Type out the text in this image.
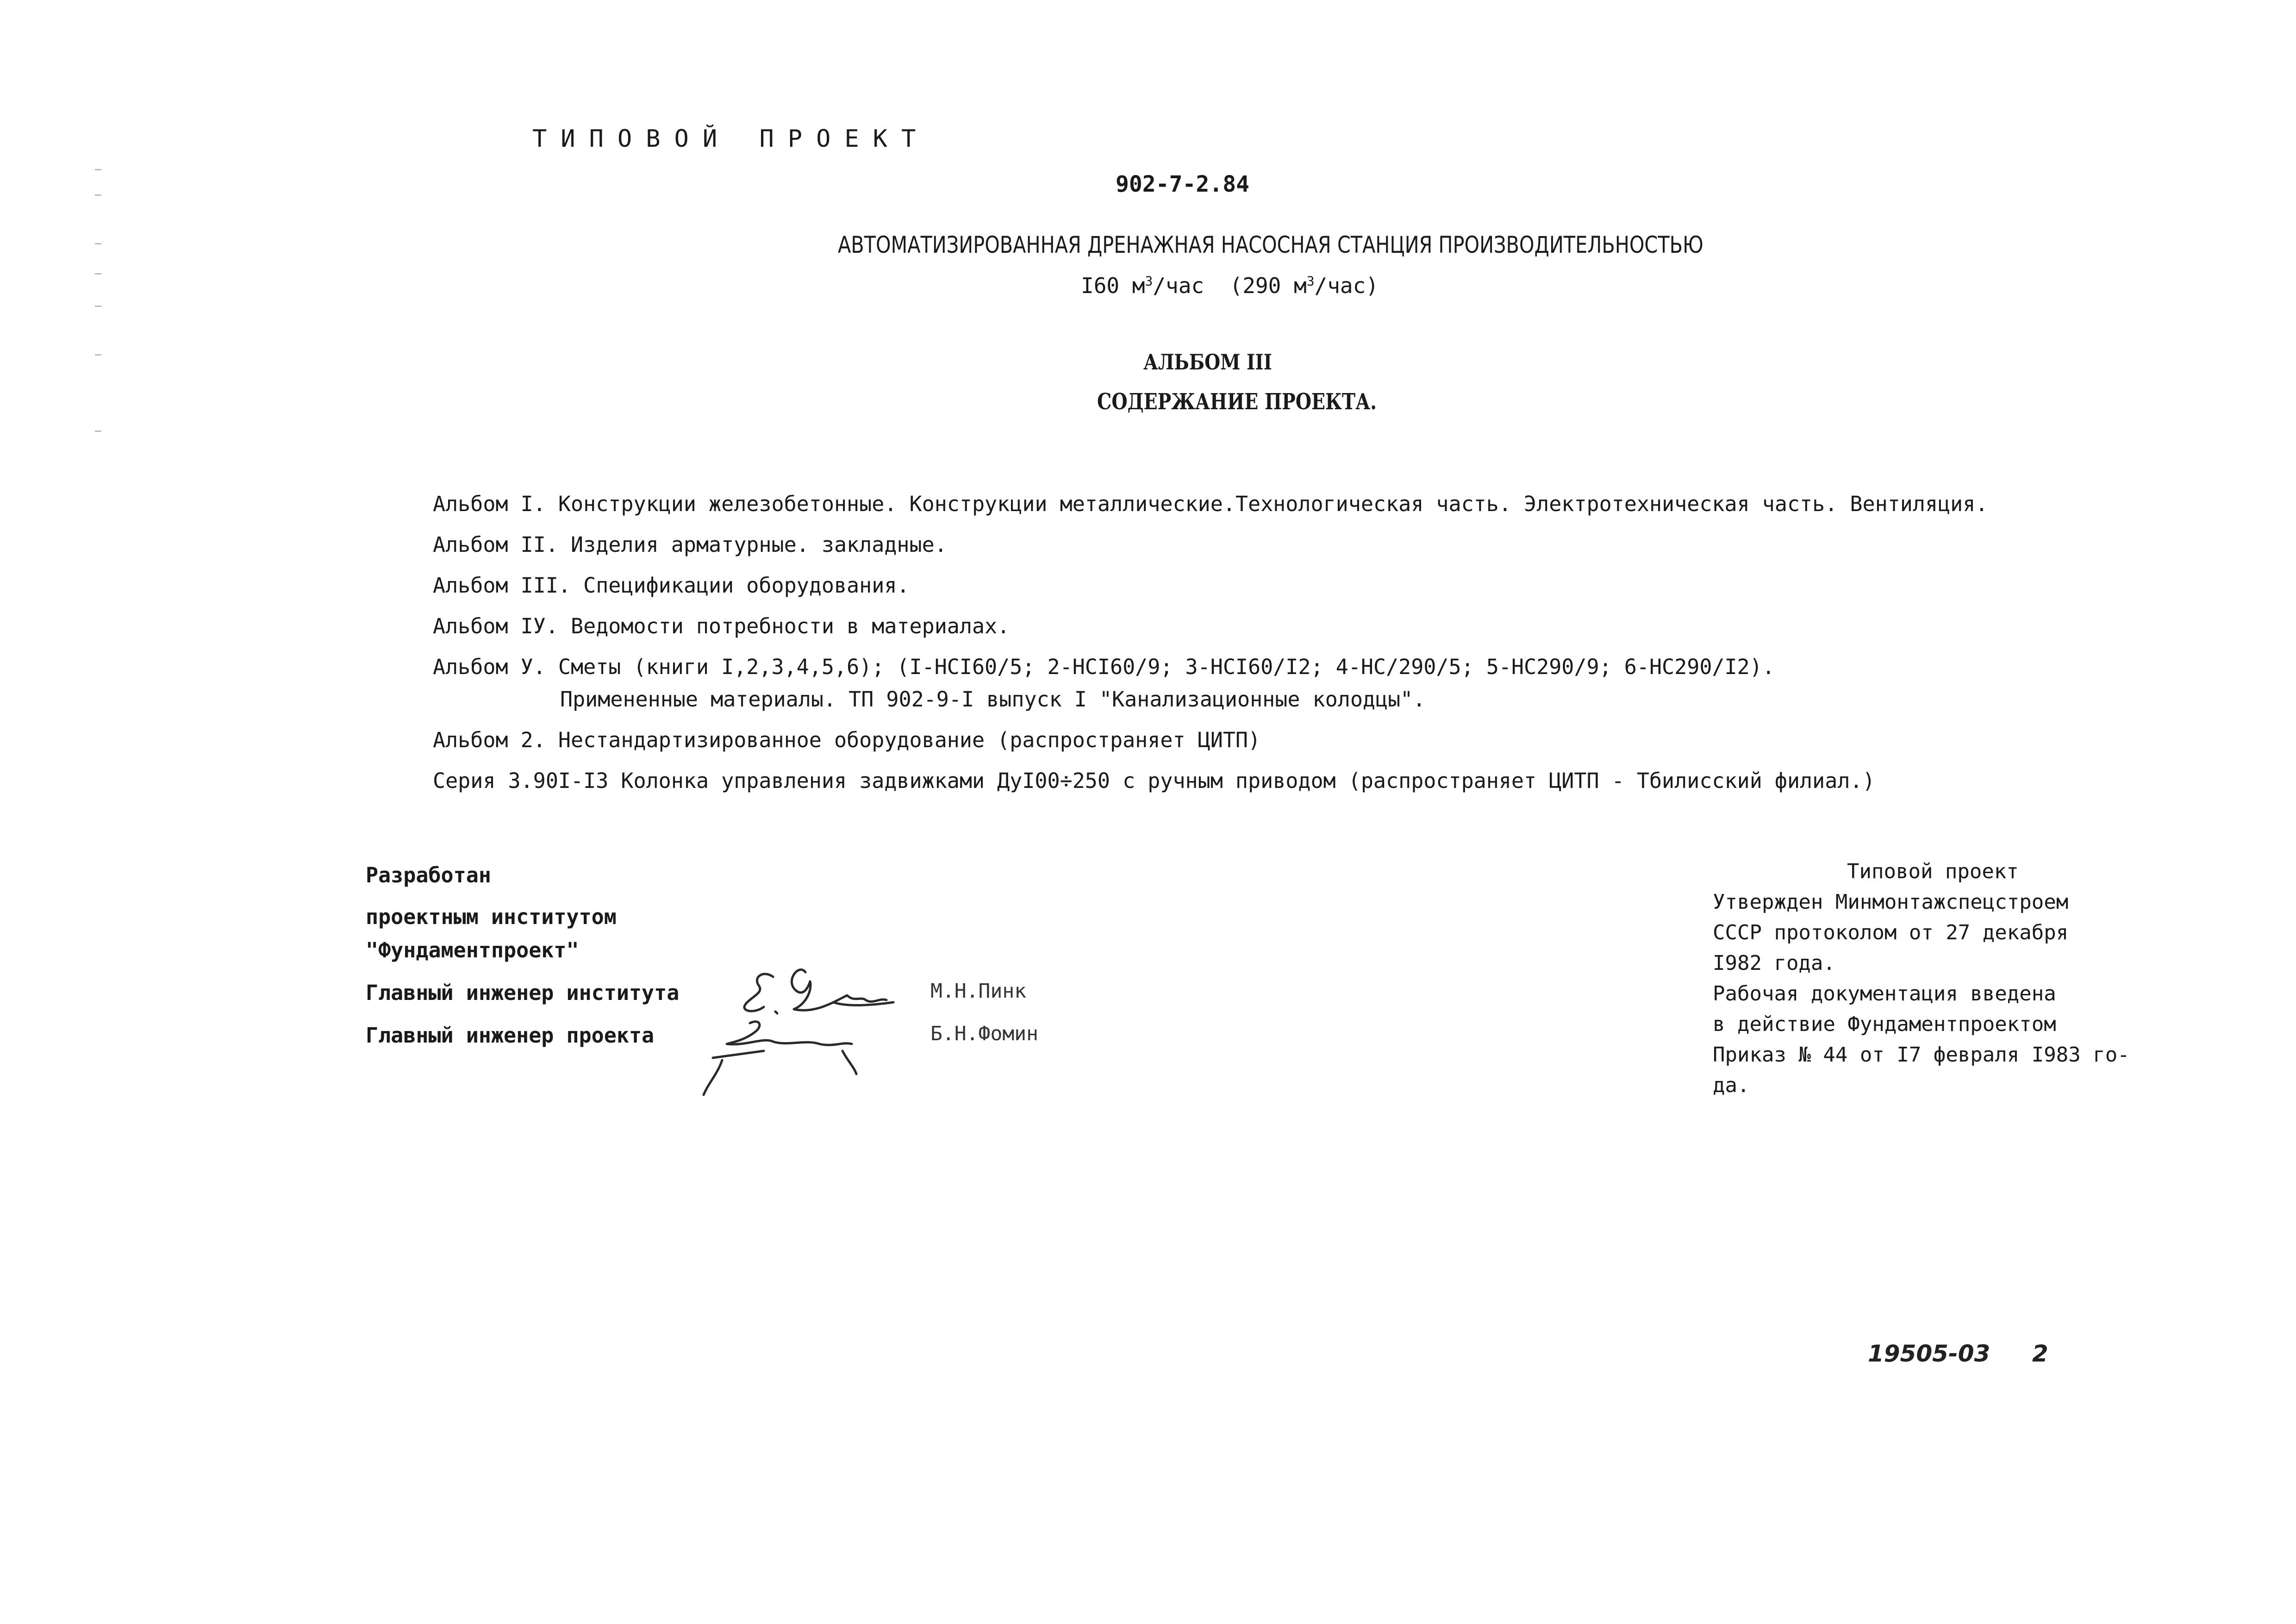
ТИПОВОЙ ПРОЕКТ
902-7-2.84
АВТОМАТИЗИРОВАННАЯ ДРЕНАЖНАЯ НАСОСНАЯ СТАНЦИЯ ПРОИЗВОДИТЕЛЬНОСТЬЮ
I60 $м^3$/час (290 $м^3/час$)
АЛЬБОМ III
СОДЕРЖАНИЕ ПРОЕКТА.
Альбом I. Конструкции железобетонные. Конструкции металлические.Технологическая часть. Электротехническая часть. Вентиляция.
Альбом II. Изделия арматурные. закладные.
Альбом III. Спецификации оборудования.
Альбом IУ. Ведомости потребности в материалах.
Альбом У. Сметы (книги I,2,3,4,5,6); (I-HCI60/5; 2-HCI60/9; 3-HCI60/I2; 4-HC/290/5; 5-HC290/9; 6-HC290/I2).
Примененные материалы. ТП 902-9-I выпуск I "Канализационные колодцы".
Альбом 2. Нестандартизированное оборудование (распространяет ЦИТП)
Серия 3.90I-I3 Колонка управления задвижками ДуI00÷250 с ручным приводом (распространяет ЦИТП - Тбилисский филиал.)
Разработан
проектным институтом
"Фундаментпроект"
Главный инженер института
Главный инженер проекта
М.Н.Пинк
Б.Н.Фомин
Типовой проект
Утвержден Минмонтажспецстроем
СССР протоколом от 27 декабря
I982 года.
Рабочая документация введена
в действие Фундаментпроектом
Приказ № 44 от I7 февраля I983 го-
да.
19505-03 2
